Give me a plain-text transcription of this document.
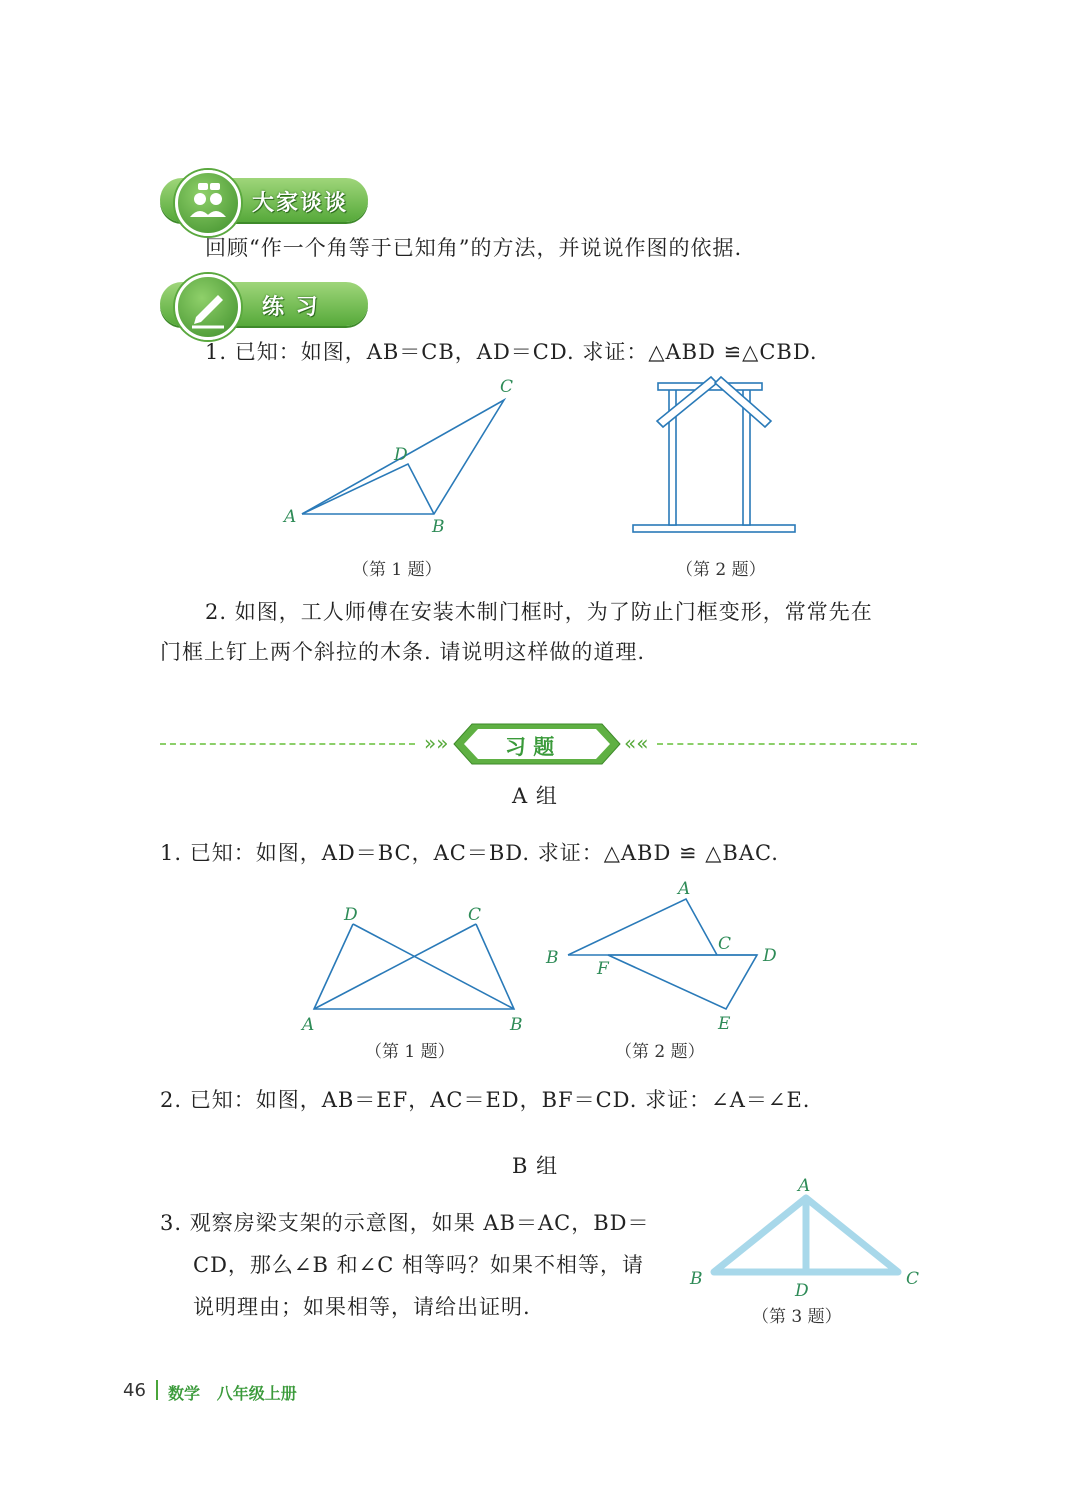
大家谈谈
回顾“作一个角等于已知角”的方法，并说说作图的依据.
练 习
1. 已知：如图，AB＝CB，AD＝CD. 求证：△ABD ≌△CBD.
A	B
C
D
（第 1 题）	（第 2 题）
2. 如图，工人师傅在安装木制门框时，为了防止门框变形，常常先在
门框上钉上两个斜拉的木条. 请说明这样做的道理.
»»	习 题	««
A 组
1. 已知：如图，AD＝BC，AC＝BD. 求证：△ABD ≌ △BAC.
A	B
C
D
（第 1 题）
A
B
C
D
E
F
（第 2 题）
2. 已知：如图，AB＝EF，AC＝ED，BF＝CD. 求证：∠A＝∠E.
B 组
3. 观察房梁支架的示意图，如果 AB＝AC，BD＝
CD，那么∠B 和∠C 相等吗？如果不相等，请
说明理由；如果相等，请给出证明.
A
B	C
D
（第 3 题）
46 数学   八年级上册
